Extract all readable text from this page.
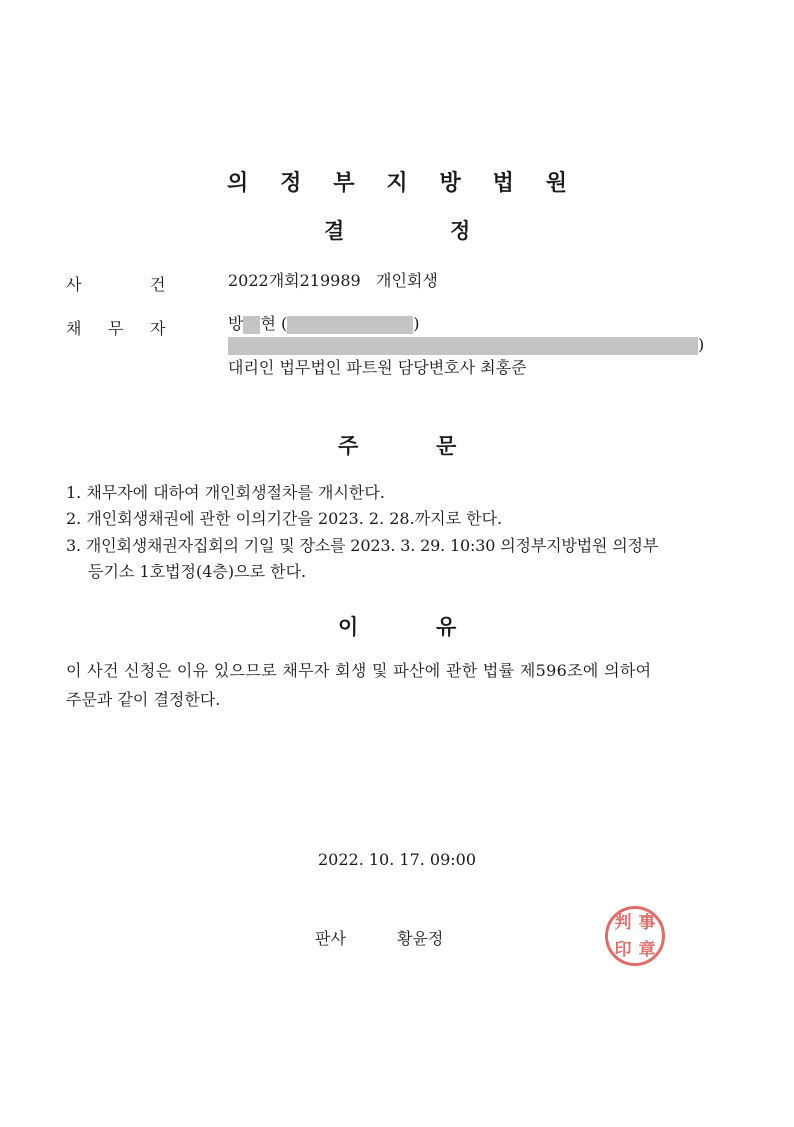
의 정 부 지 방 법 원
결	정
사	건	2022개회219989 개인회생
채 무 자	방 현 (	)
)
대리인 법무법인 파트원 담당변호사 최홍준
주	문
1. 채무자에 대하여 개인회생절차를 개시한다.
2. 개인회생채권에 관한 이의기간을 2023. 2. 28.까지로 한다.
3. 개인회생채권자집회의 기일 및 장소를 2023. 3. 29. 10:30 의정부지방법원 의정부
등기소 1호법정(4층)으로 한다.
이	유
이 사건 신청은 이유 있으므로 채무자 회생 및 파산에 관한 법률 제596조에 의하여
주문과 같이 결정한다.
2022. 10. 17. 09:00
판사	황윤정
判 事
印 章
